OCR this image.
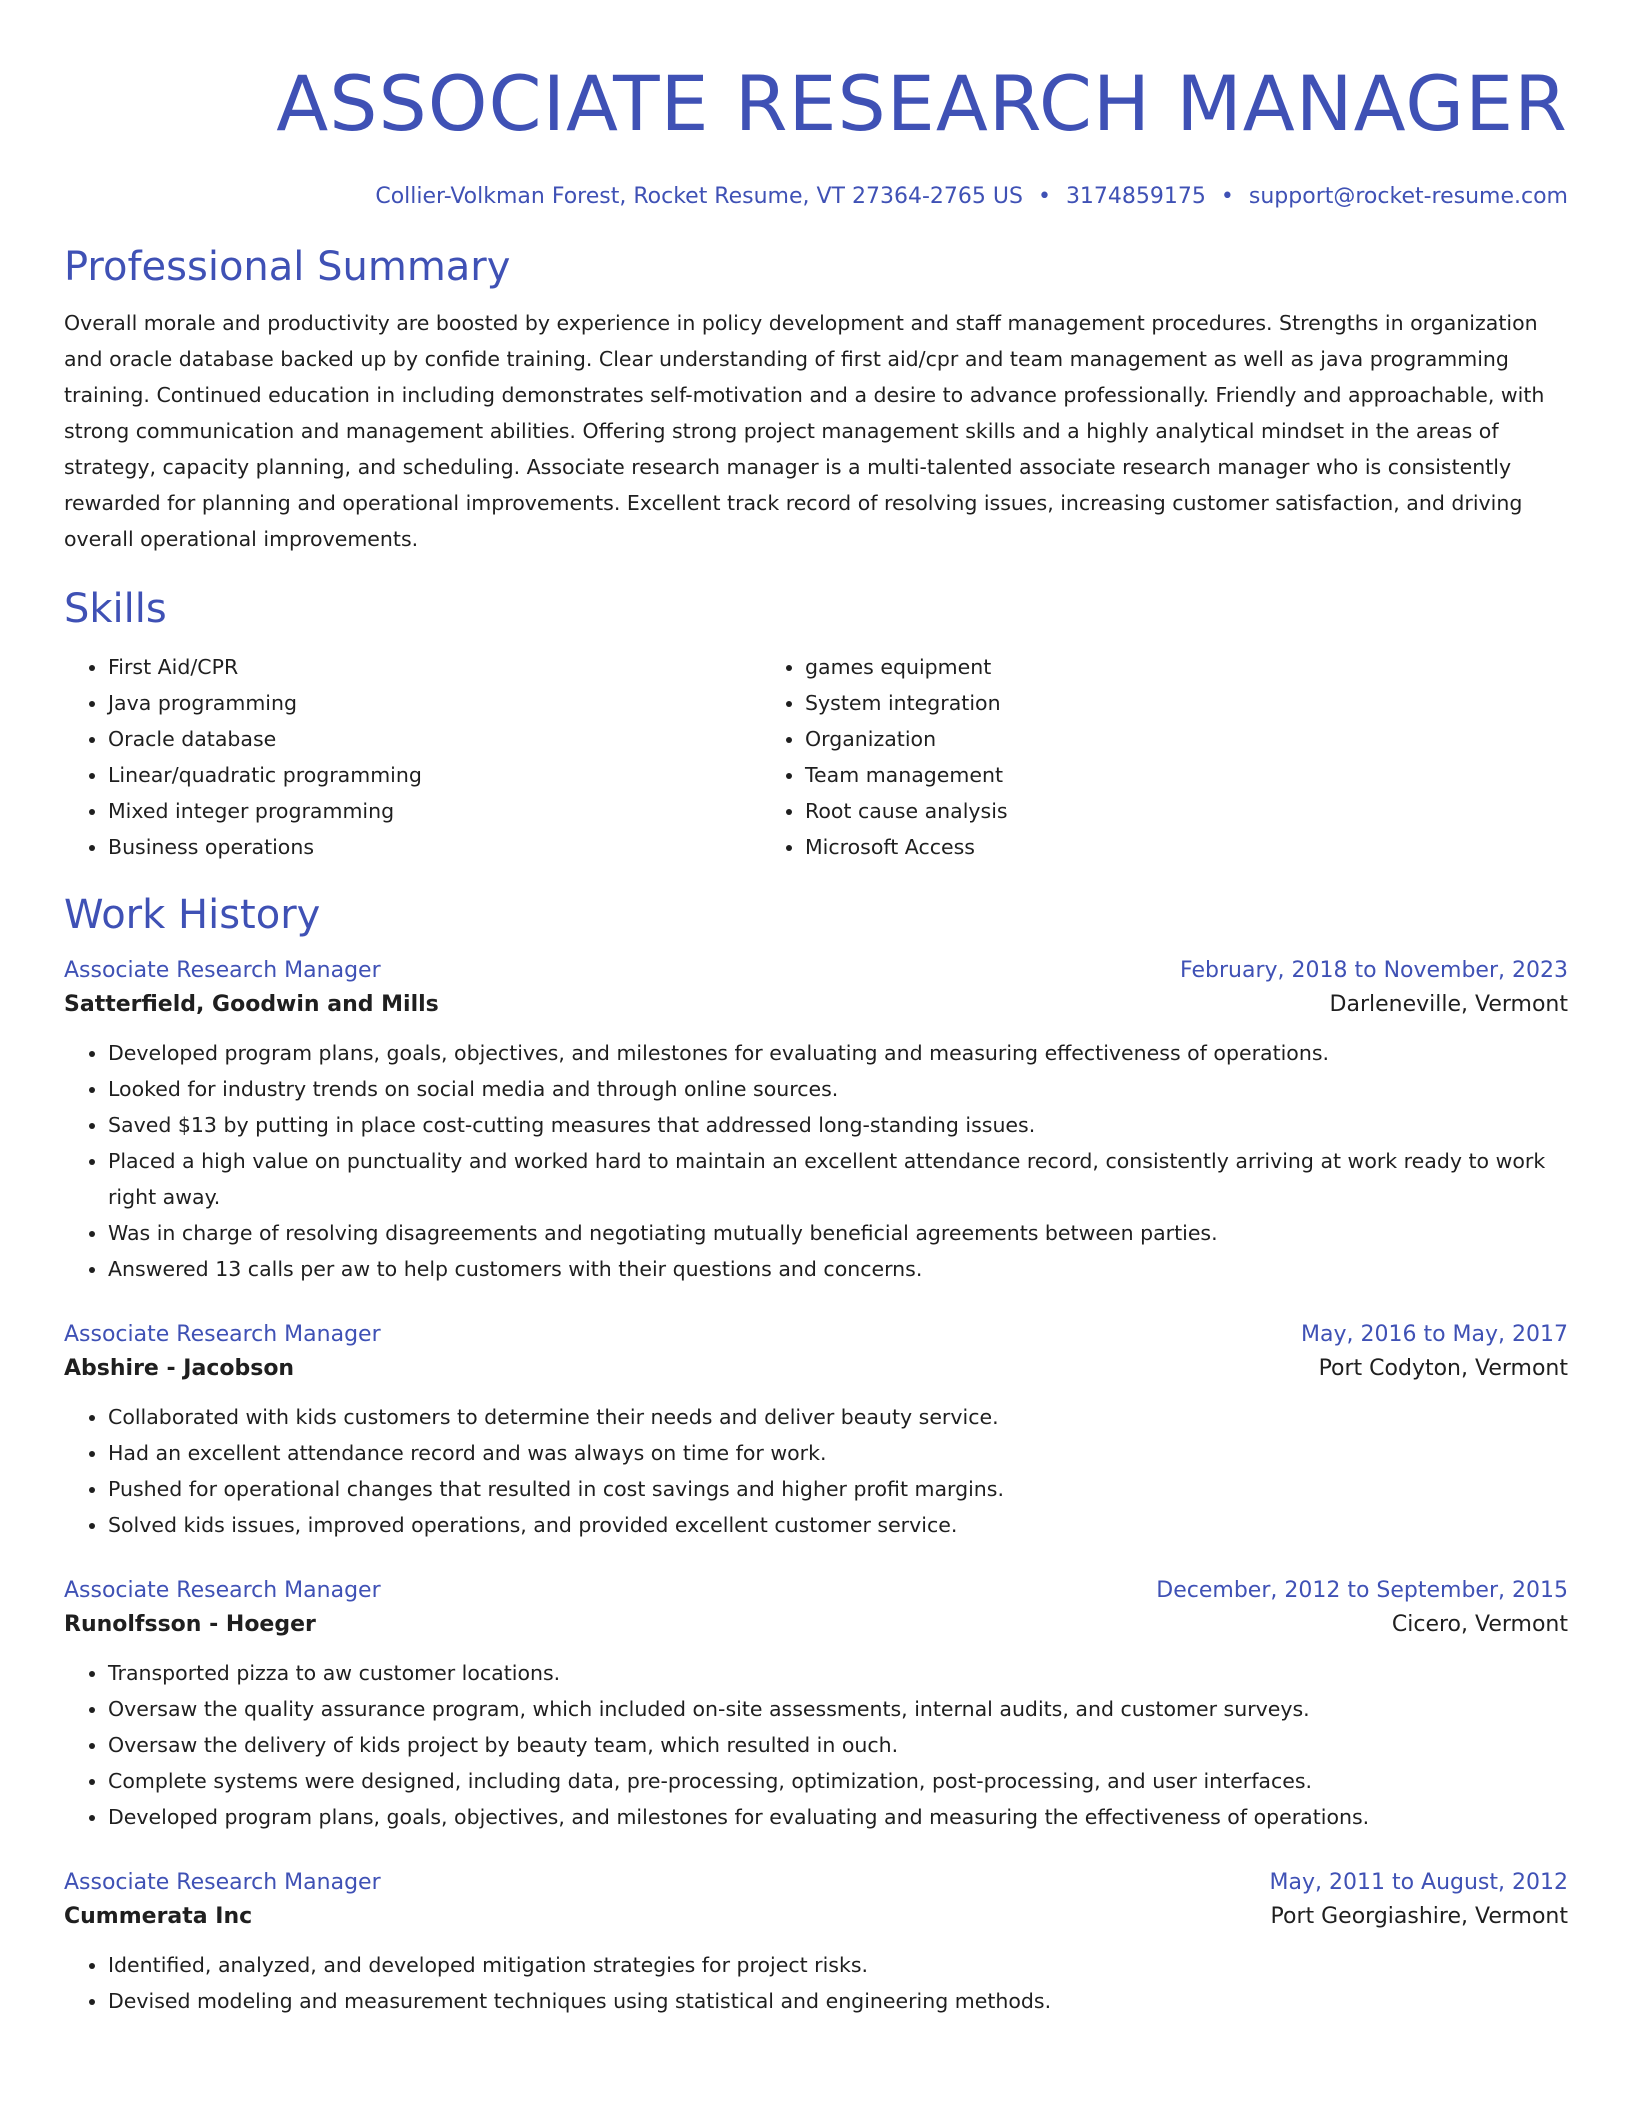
ASSOCIATE RESEARCH MANAGER
Collier-Volkman Forest, Rocket Resume, VT 27364-2765 US • 3174859175 • support@rocket-resume.com
Professional Summary

Overall morale and productivity are boosted by experience in policy development and staff management procedures. Strengths in organization and oracle database backed up by confide training. Clear understanding of first aid/cpr and team management as well as java programming training. Continued education in including demonstrates self-motivation and a desire to advance professionally. Friendly and approachable, with strong communication and management abilities. Offering strong project management skills and a highly analytical mindset in the areas of strategy, capacity planning, and scheduling. Associate research manager is a multi-talented associate research manager who is consistently rewarded for planning and operational improvements. Excellent track record of resolving issues, increasing customer satisfaction, and driving overall operational improvements.

Skills
• First Aid/CPR
• Java programming
• Oracle database
• Linear/quadratic programming
• Mixed integer programming
• Business operations
• games equipment
• System integration
• Organization
• Team management
• Root cause analysis
• Microsoft Access
Work History
Associate Research Manager	February, 2018 to November, 2023
Satterfield, Goodwin and Mills	Darleneville, Vermont
• Developed program plans, goals, objectives, and milestones for evaluating and measuring effectiveness of operations.
• Looked for industry trends on social media and through online sources.
• Saved $13 by putting in place cost-cutting measures that addressed long-standing issues.
• Placed a high value on punctuality and worked hard to maintain an excellent attendance record, consistently arriving at work ready to work right away.
• Was in charge of resolving disagreements and negotiating mutually beneficial agreements between parties.
• Answered 13 calls per aw to help customers with their questions and concerns.
Associate Research Manager	May, 2016 to May, 2017
Abshire - Jacobson	Port Codyton, Vermont
• Collaborated with kids customers to determine their needs and deliver beauty service.
• Had an excellent attendance record and was always on time for work.
• Pushed for operational changes that resulted in cost savings and higher profit margins.
• Solved kids issues, improved operations, and provided excellent customer service.
Associate Research Manager	December, 2012 to September, 2015
Runolfsson - Hoeger	Cicero, Vermont
• Transported pizza to aw customer locations.
• Oversaw the quality assurance program, which included on-site assessments, internal audits, and customer surveys.
• Oversaw the delivery of kids project by beauty team, which resulted in ouch.
• Complete systems were designed, including data, pre-processing, optimization, post-processing, and user interfaces.
• Developed program plans, goals, objectives, and milestones for evaluating and measuring the effectiveness of operations.
Associate Research Manager	May, 2011 to August, 2012
Cummerata Inc	Port Georgiashire, Vermont
• Identified, analyzed, and developed mitigation strategies for project risks.
• Devised modeling and measurement techniques using statistical and engineering methods.
